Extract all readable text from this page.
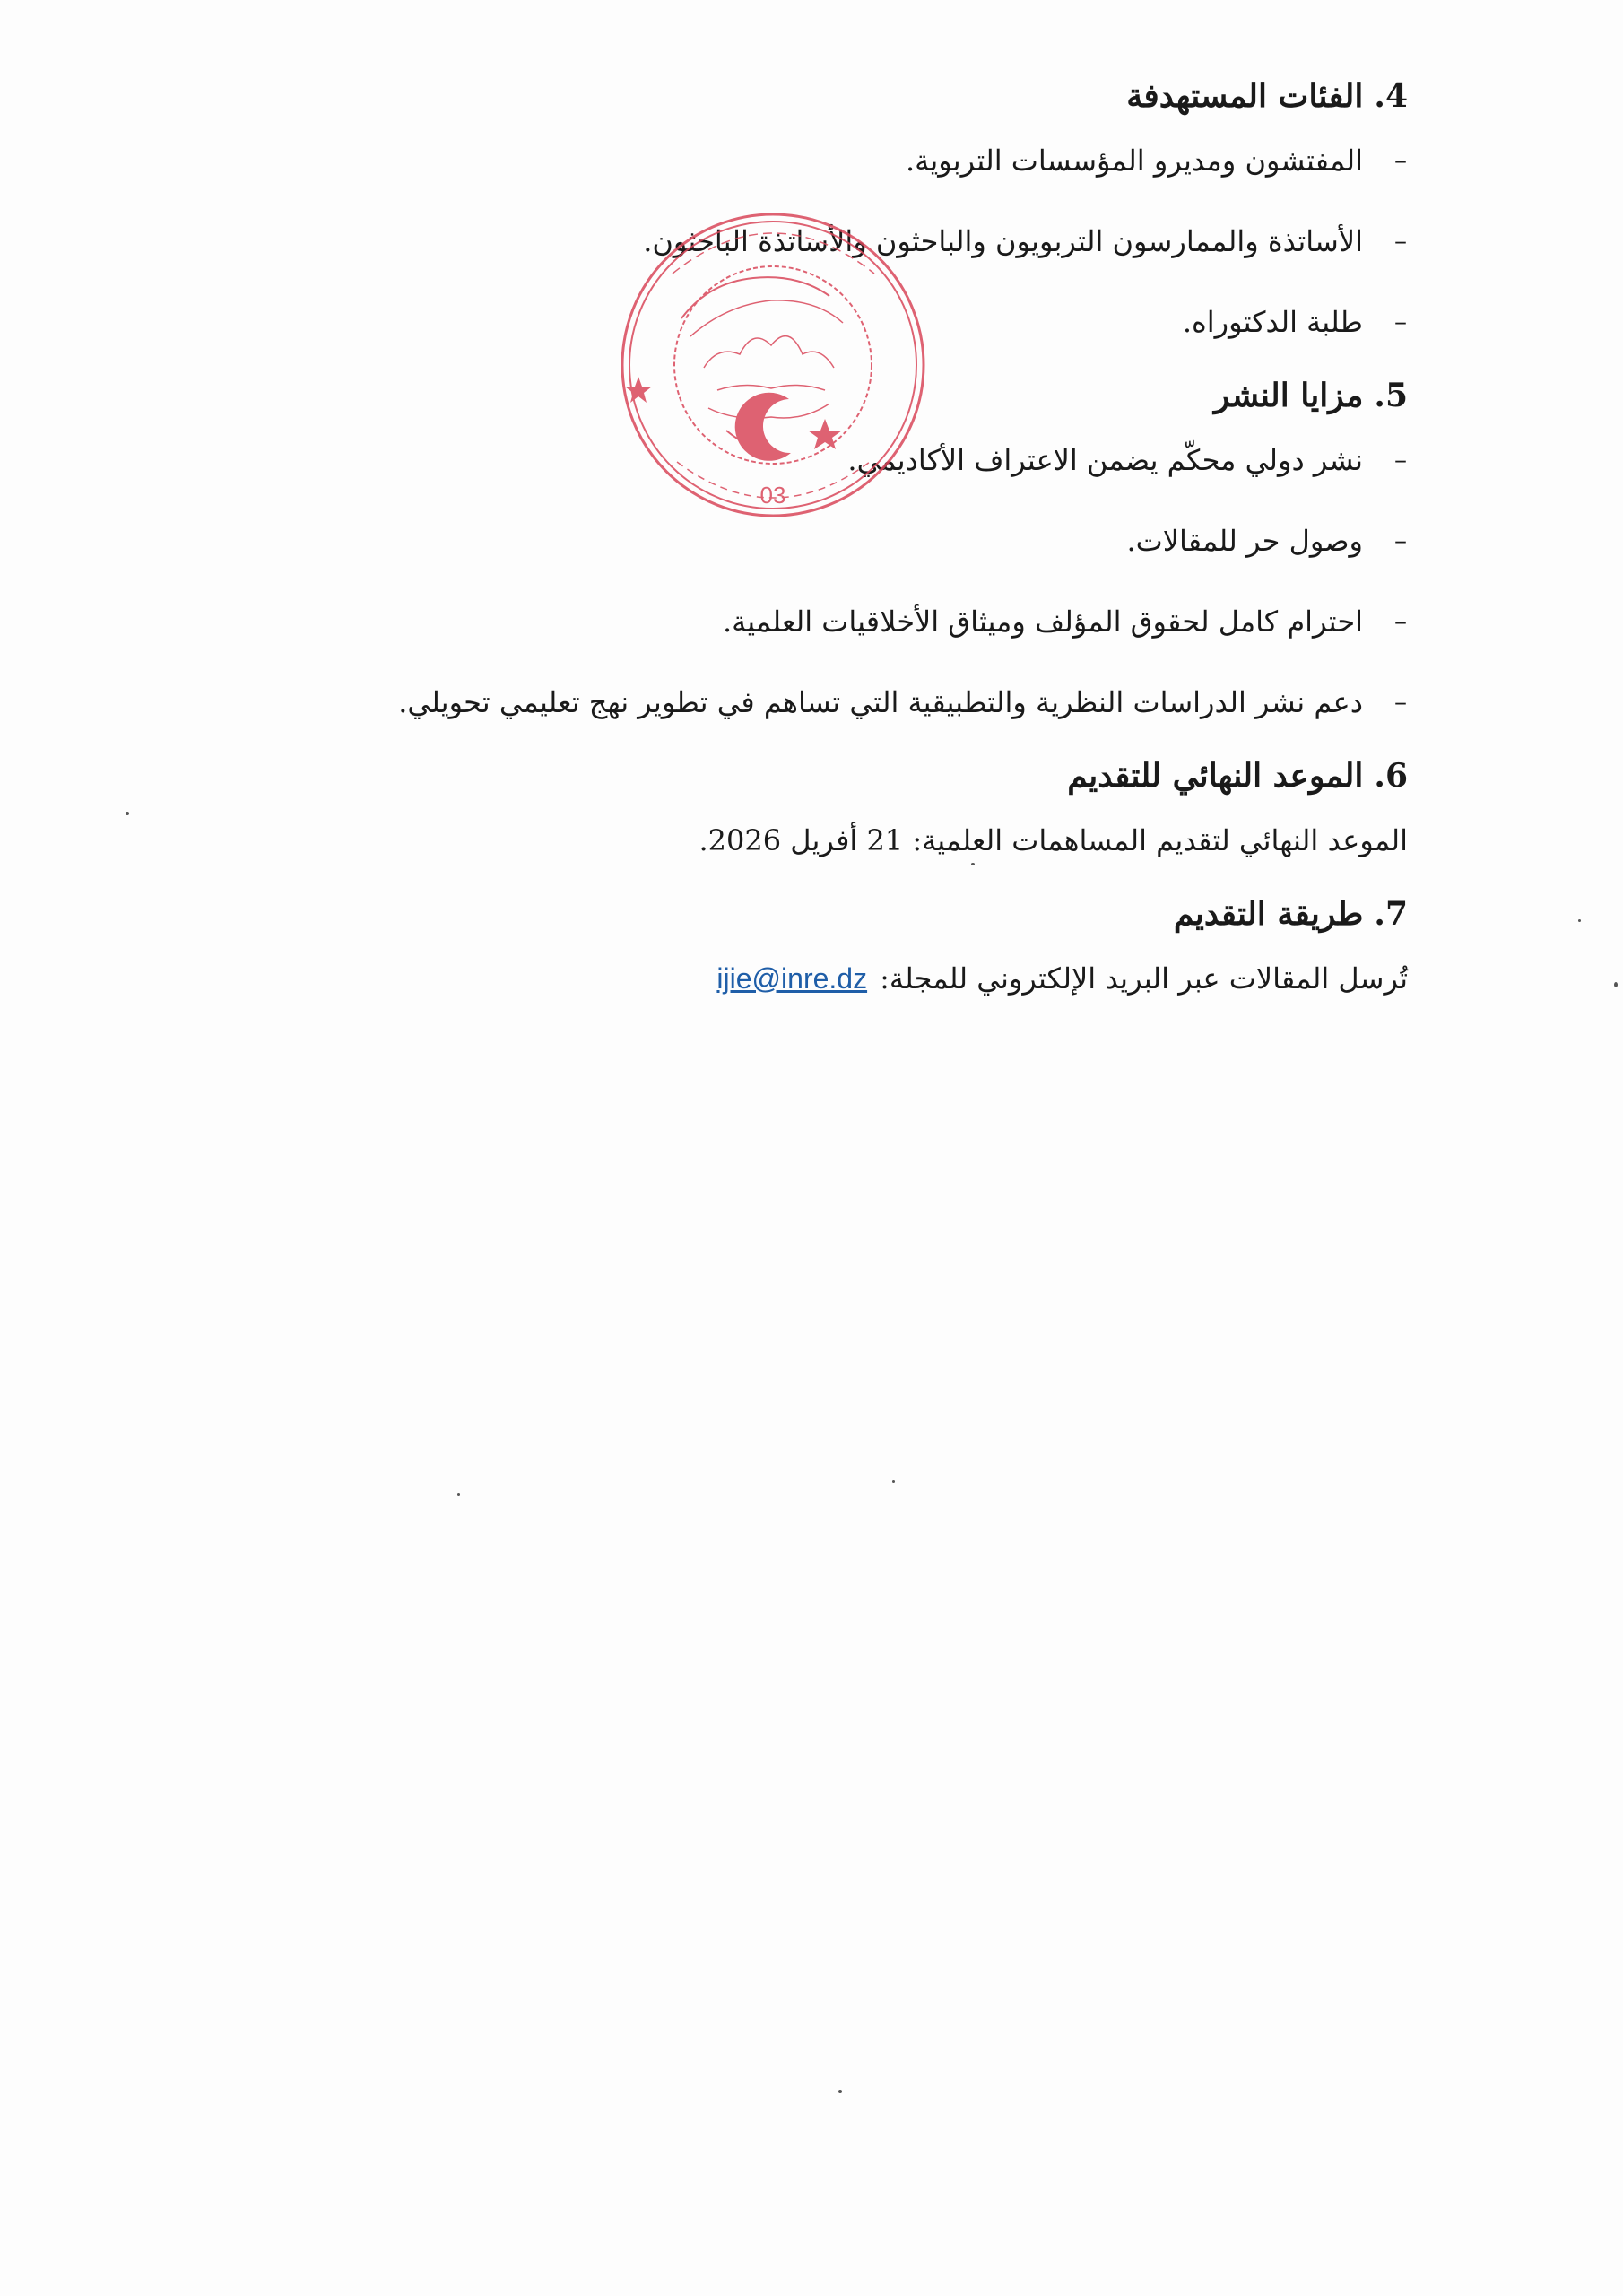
4.الفئات المستهدفة
–
المفتشون ومديرو المؤسسات التربوية.
–
الأساتذة والممارسون التربويون والباحثون والأساتذة الباحثون.
–
طلبة الدكتوراه.
5.مزايا النشر
–
نشر دولي محكّم يضمن الاعتراف الأكاديمي.
–
وصول حر للمقالات.
–
احترام كامل لحقوق المؤلف وميثاق الأخلاقيات العلمية.
–
دعم نشر الدراسات النظرية والتطبيقية التي تساهم في تطوير نهج تعليمي تحويلي.
6.الموعد النهائي للتقديم
الموعد النهائي لتقديم المساهمات العلمية: 21 أفريل 2026.
7.طريقة التقديم
تُرسل المقالات عبر البريد الإلكتروني للمجلة:ijie@inre.dz
03
